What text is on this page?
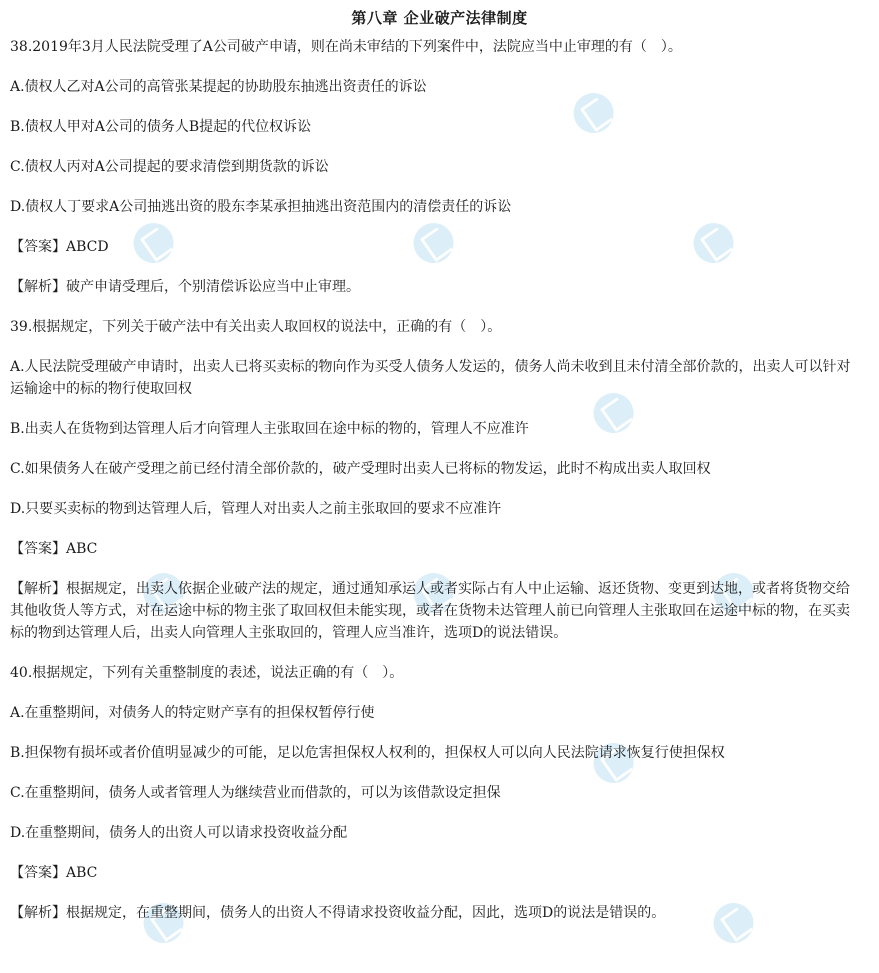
第八章 企业破产法律制度
38.2019年3月人民法院受理了A公司破产申请，则在尚未审结的下列案件中，法院应当中止审理的有（　）。
A.债权人乙对A公司的高管张某提起的协助股东抽逃出资责任的诉讼
B.债权人甲对A公司的债务人B提起的代位权诉讼
C.债权人丙对A公司提起的要求清偿到期货款的诉讼
D.债权人丁要求A公司抽逃出资的股东李某承担抽逃出资范围内的清偿责任的诉讼
【答案】ABCD
【解析】破产申请受理后，个别清偿诉讼应当中止审理。
39.根据规定，下列关于破产法中有关出卖人取回权的说法中，正确的有（　）。
A.人民法院受理破产申请时，出卖人已将买卖标的物向作为买受人债务人发运的，债务人尚未收到且未付清全部价款的，出卖人可以针对运输途中的标的物行使取回权
B.出卖人在货物到达管理人后才向管理人主张取回在途中标的物的，管理人不应准许
C.如果债务人在破产受理之前已经付清全部价款的，破产受理时出卖人已将标的物发运，此时不构成出卖人取回权
D.只要买卖标的物到达管理人后，管理人对出卖人之前主张取回的要求不应准许
【答案】ABC
【解析】根据规定，出卖人依据企业破产法的规定，通过通知承运人或者实际占有人中止运输、返还货物、变更到达地，或者将货物交给其他收货人等方式，对在运途中标的物主张了取回权但未能实现，或者在货物未达管理人前已向管理人主张取回在运途中标的物，在买卖标的物到达管理人后，出卖人向管理人主张取回的，管理人应当准许，选项D的说法错误。
40.根据规定，下列有关重整制度的表述，说法正确的有（　）。
A.在重整期间，对债务人的特定财产享有的担保权暂停行使
B.担保物有损坏或者价值明显减少的可能，足以危害担保权人权利的，担保权人可以向人民法院请求恢复行使担保权
C.在重整期间，债务人或者管理人为继续营业而借款的，可以为该借款设定担保
D.在重整期间，债务人的出资人可以请求投资收益分配
【答案】ABC
【解析】根据规定，在重整期间，债务人的出资人不得请求投资收益分配，因此，选项D的说法是错误的。
